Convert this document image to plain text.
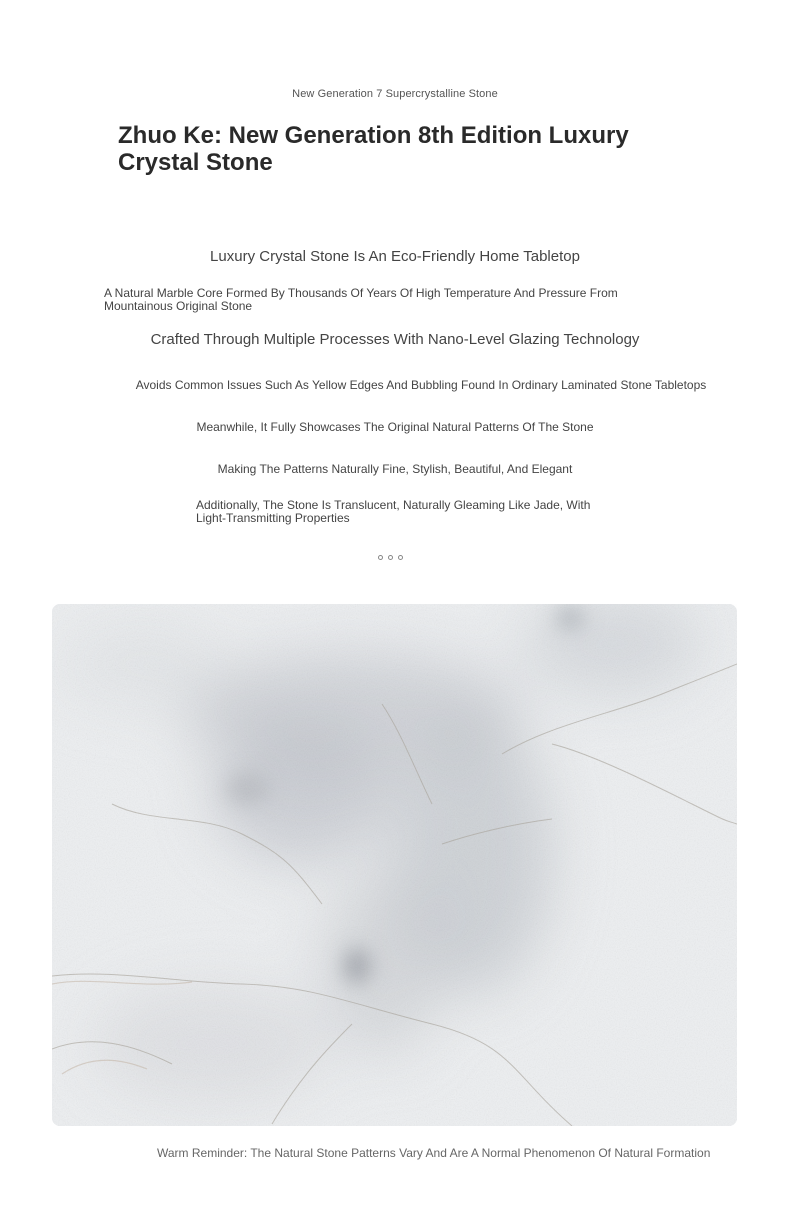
New Generation 7 Supercrystalline Stone
Zhuo Ke: New Generation 8th Edition Luxury Crystal Stone

Luxury Crystal Stone Is An Eco-Friendly Home Tabletop

A Natural Marble Core Formed By Thousands Of Years Of High Temperature And Pressure From Mountainous Original Stone

Crafted Through Multiple Processes With Nano-Level Glazing Technology

Avoids Common Issues Such As Yellow Edges And Bubbling Found In Ordinary Laminated Stone Tabletops

Meanwhile, It Fully Showcases The Original Natural Patterns Of The Stone

Making The Patterns Naturally Fine, Stylish, Beautiful, And Elegant

Additionally, The Stone Is Translucent, Naturally Gleaming Like Jade, With Light-Transmitting Properties

Warm Reminder: The Natural Stone Patterns Vary And Are A Normal Phenomenon Of Natural Formation
